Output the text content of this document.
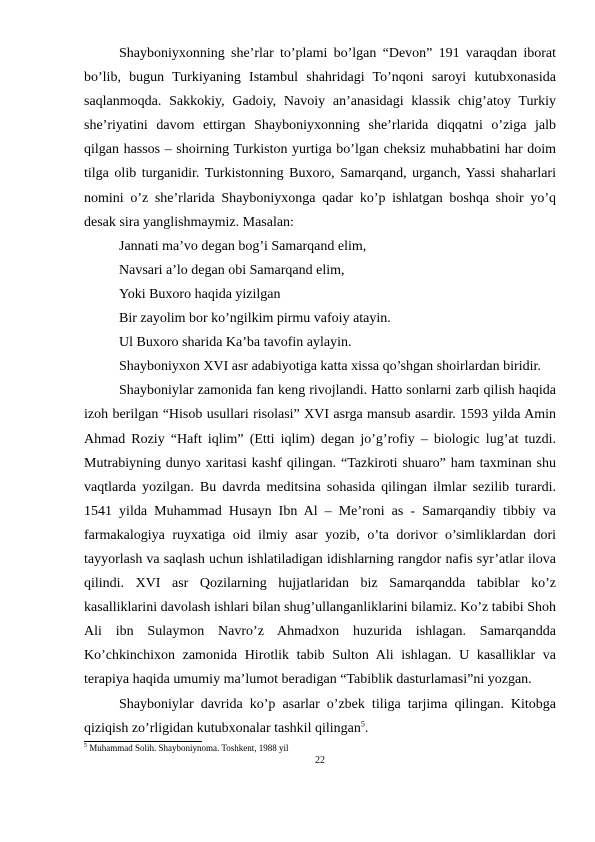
Shayboniyxonning she’rlar to’plami bo’lgan “Devon” 191 varaqdan iborat bo’lib, bugun Turkiyaning Istambul shahridagi To’nqoni saroyi kutubxonasida saqlanmoqda. Sakkokiy, Gadoiy, Navoiy an’anasidagi klassik chig’atoy Turkiy she’riyatini davom ettirgan Shayboniyxonning she’rlarida diqqatni o’ziga jalb qilgan hassos – shoirning Turkiston yurtiga bo’lgan cheksiz muhabbatini har doim tilga olib turganidir. Turkistonning Buxoro, Samarqand, urganch, Yassi shaharlari nomini o’z she’rlarida Shayboniyxonga qadar ko’p ishlatgan boshqa shoir yo’q desak sira yanglishmaymiz. Masalan:

Jannati ma’vo degan bog’i Samarqand elim,

Navsari a’lo degan obi Samarqand elim,

Yoki Buxoro haqida yizilgan

Bir zayolim bor ko’ngilkim pirmu vafoiy atayin.

Ul Buxoro sharida Ka’ba tavofin aylayin.

Shayboniyxon XVI asr adabiyotiga katta xissa qo’shgan shoirlardan biridir.

Shayboniylar zamonida fan keng rivojlandi. Hatto sonlarni zarb qilish haqida izoh berilgan “Hisob usullari risolasi” XVI asrga mansub asardir. 1593 yilda Amin Ahmad Roziy “Haft iqlim” (Etti iqlim) degan jo’g’rofiy – biologic lug’at tuzdi. Mutrabiyning dunyo xaritasi kashf qilingan. “Tazkiroti shuaro” ham taxminan shu vaqtlarda yozilgan. Bu davrda meditsina sohasida qilingan ilmlar sezilib turardi. 1541 yilda Muhammad Husayn Ibn Al – Me’roni as - Samarqandiy tibbiy va farmakalogiya ruyxatiga oid ilmiy asar yozib, o’ta dorivor o’simliklardan dori tayyorlash va saqlash uchun ishlatiladigan idishlarning rangdor nafis syr’atlar ilova qilindi. XVI asr Qozilarning hujjatlaridan biz Samarqandda tabiblar ko’z kasalliklarini davolash ishlari bilan shug’ullanganliklarini bilamiz. Ko’z tabibi Shoh Ali ibn Sulaymon Navro’z Ahmadxon huzurida ishlagan. Samarqandda Ko’chkinchixon zamonida Hirotlik tabib Sulton Ali ishlagan. U kasalliklar va terapiya haqida umumiy ma’lumot beradigan “Tabiblik dasturlamasi”ni yozgan.

Shayboniylar davrida ko’p asarlar o’zbek tiliga tarjima qilingan. Kitobga qiziqish zo’rligidan kutubxonalar tashkil qilingan$^5$.

$^5$ Muhammad Solih. Shayboniynoma. Toshkent, 1988 yil
22
